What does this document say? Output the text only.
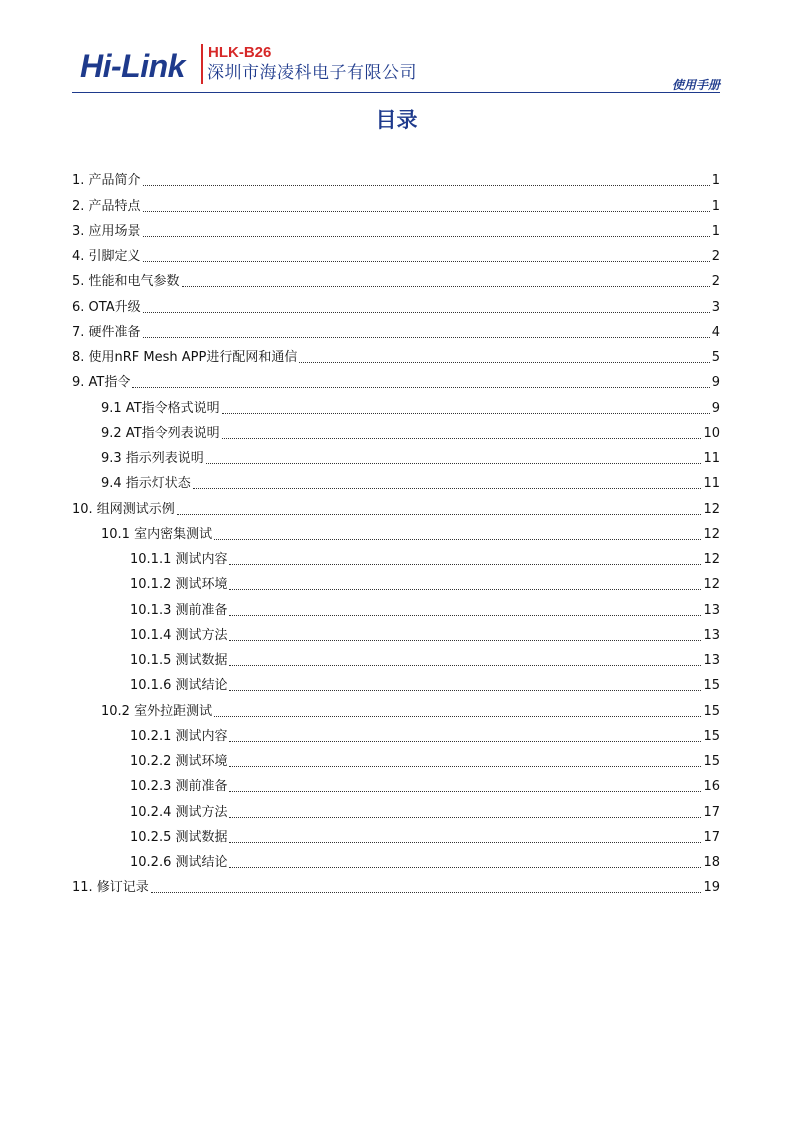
Hi-Link HLK-B26
深圳市海凌科电子有限公司
使用手册
目录
1. 产品简介	1
2. 产品特点	1
3. 应用场景	1
4. 引脚定义	2
5. 性能和电气参数	2
6. OTA升级	3
7. 硬件准备	4
8. 使用nRF Mesh APP进行配网和通信	5
9. AT指令	9
9.1 AT指令格式说明	9
9.2 AT指令列表说明	10
9.3 指示列表说明	11
9.4 指示灯状态	11
10. 组网测试示例	12
10.1 室内密集测试	12
10.1.1 测试内容	12
10.1.2 测试环境	12
10.1.3 测前准备	13
10.1.4 测试方法	13
10.1.5 测试数据	13
10.1.6 测试结论	15
10.2 室外拉距测试	15
10.2.1 测试内容	15
10.2.2 测试环境	15
10.2.3 测前准备	16
10.2.4 测试方法	17
10.2.5 测试数据	17
10.2.6 测试结论	18
11. 修订记录	19
